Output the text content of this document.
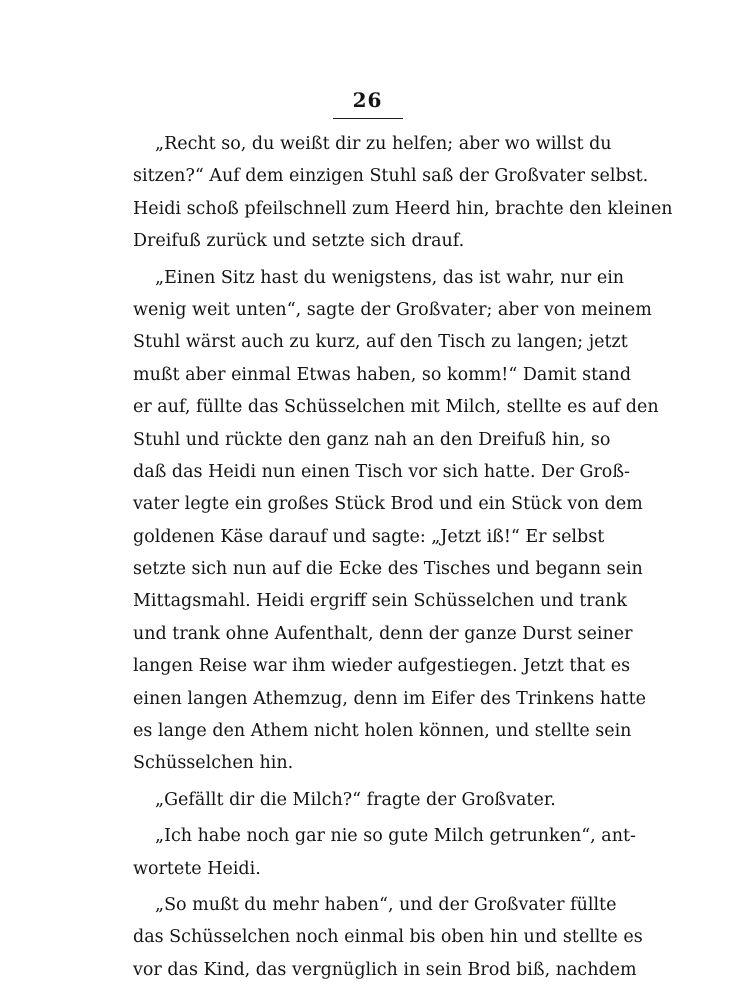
26
„Recht so, du weißt dir zu helfen; aber wo willst du
sitzen?“ Auf dem einzigen Stuhl saß der Großvater selbst.
Heidi schoß pfeilschnell zum Heerd hin, brachte den kleinen
Dreifuß zurück und setzte sich drauf.
„Einen Sitz hast du wenigstens, das ist wahr, nur ein
wenig weit unten“, sagte der Großvater; aber von meinem
Stuhl wärst auch zu kurz, auf den Tisch zu langen; jetzt
mußt aber einmal Etwas haben, so komm!“ Damit stand
er auf, füllte das Schüsselchen mit Milch, stellte es auf den
Stuhl und rückte den ganz nah an den Dreifuß hin, so
daß das Heidi nun einen Tisch vor sich hatte. Der Groß-
vater legte ein großes Stück Brod und ein Stück von dem
goldenen Käse darauf und sagte: „Jetzt iß!“ Er selbst
setzte sich nun auf die Ecke des Tisches und begann sein
Mittagsmahl. Heidi ergriff sein Schüsselchen und trank
und trank ohne Aufenthalt, denn der ganze Durst seiner
langen Reise war ihm wieder aufgestiegen. Jetzt that es
einen langen Athemzug, denn im Eifer des Trinkens hatte
es lange den Athem nicht holen können, und stellte sein
Schüsselchen hin.
„Gefällt dir die Milch?“ fragte der Großvater.
„Ich habe noch gar nie so gute Milch getrunken“, ant-
wortete Heidi.
„So mußt du mehr haben“, und der Großvater füllte
das Schüsselchen noch einmal bis oben hin und stellte es
vor das Kind, das vergnüglich in sein Brod biß, nachdem
